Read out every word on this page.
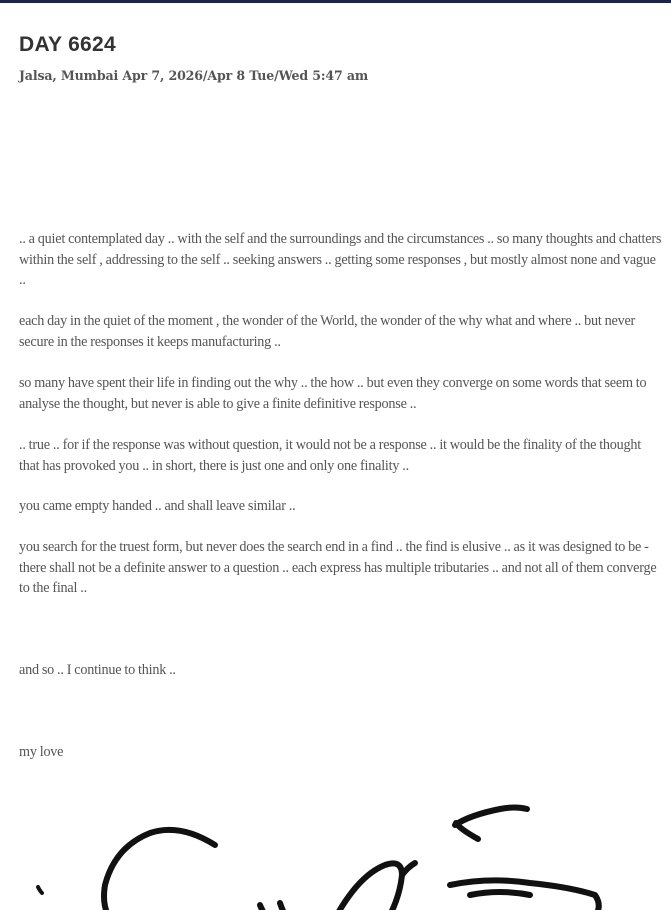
DAY 6624

Jalsa, Mumbai Apr 7, 2026/Apr 8 Tue/Wed 5:47 am

.. a quiet contemplated day .. with the self and the surroundings and the circumstances .. so many thoughts and chatters within the self , addressing to the self .. seeking answers .. getting some responses , but mostly almost none and vague ..

each day in the quiet of the moment , the wonder of the World, the wonder of the why what and where .. but never secure in the responses it keeps manufacturing ..

so many have spent their life in finding out the why .. the how .. but even they converge on some words that seem to analyse the thought, but never is able to give a finite definitive response ..

.. true .. for if the response was without question, it would not be a response .. it would be the finality of the thought that has provoked you .. in short, there is just one and only one finality ..

you came empty handed .. and shall leave similar ..

you search for the truest form, but never does the search end in a find .. the find is elusive .. as it was designed to be - there shall not be a definite answer to a question .. each express has multiple tributaries .. and not all of them converge to the final ..

and so .. I continue to think ..

my love
